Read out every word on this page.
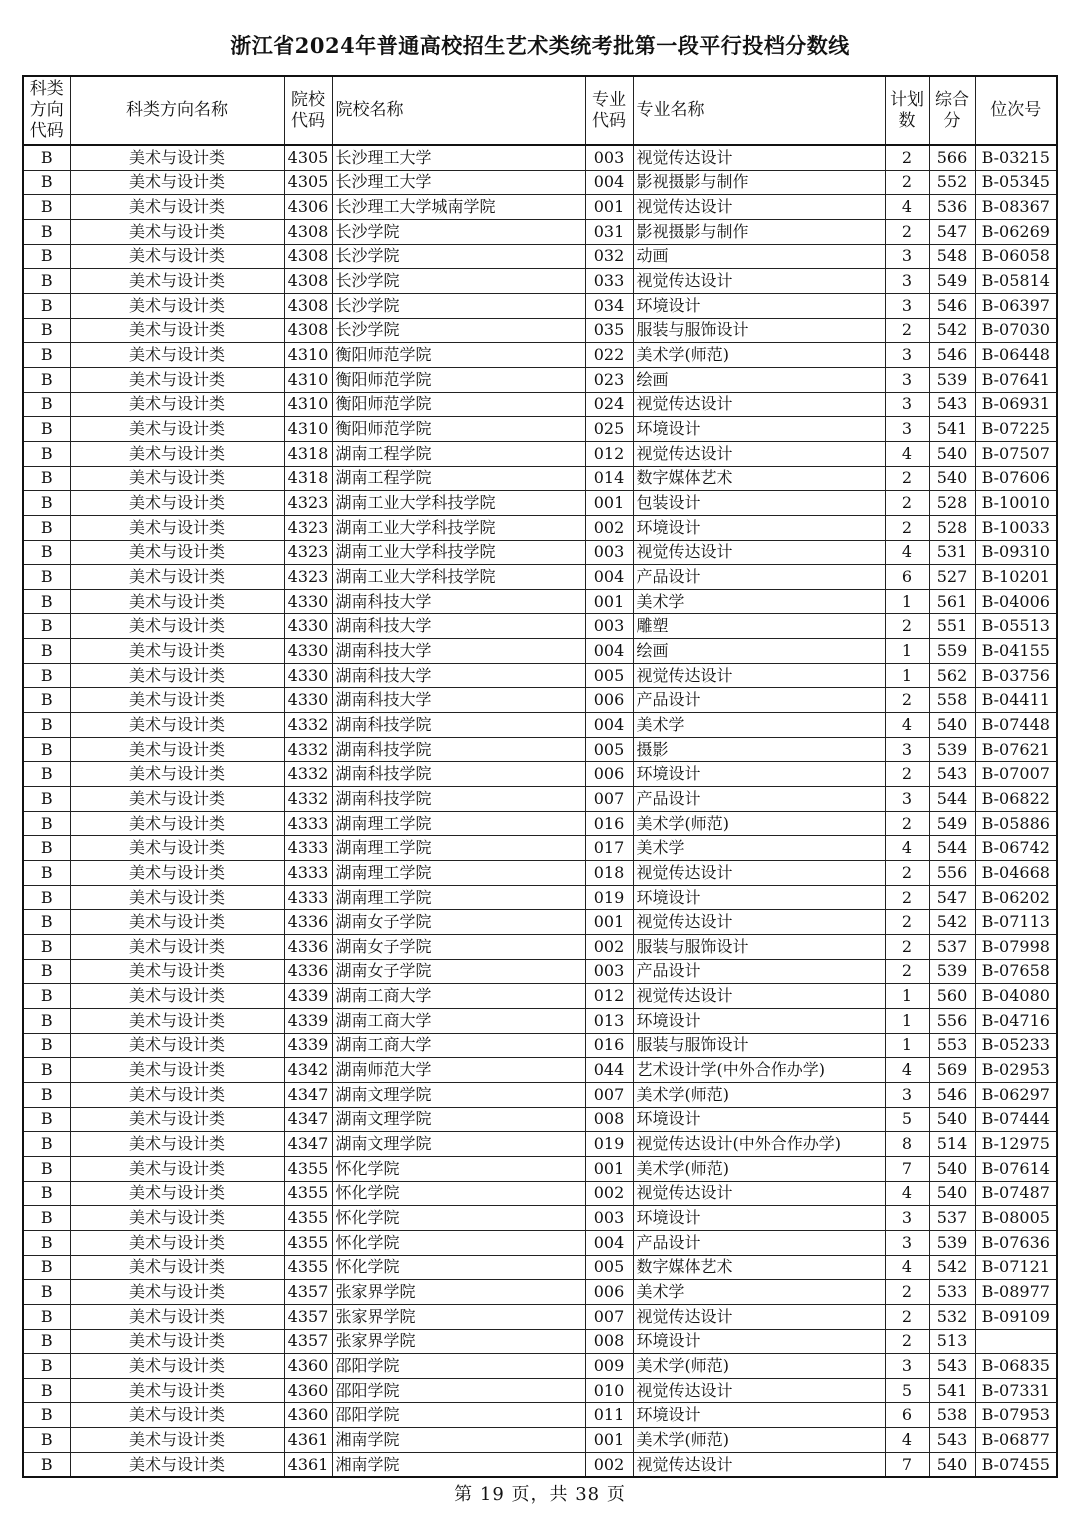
浙江省2024年普通高校招生艺术类统考批第一段平行投档分数线
科类方向代码	科类方向名称	院校代码	院校名称	专业代码	专业名称	计划数	综合分	位次号
B	美术与设计类	4305	长沙理工大学	003	视觉传达设计	2	566	B-03215
B	美术与设计类	4305	长沙理工大学	004	影视摄影与制作	2	552	B-05345
B	美术与设计类	4306	长沙理工大学城南学院	001	视觉传达设计	4	536	B-08367
B	美术与设计类	4308	长沙学院	031	影视摄影与制作	2	547	B-06269
B	美术与设计类	4308	长沙学院	032	动画	3	548	B-06058
B	美术与设计类	4308	长沙学院	033	视觉传达设计	3	549	B-05814
B	美术与设计类	4308	长沙学院	034	环境设计	3	546	B-06397
B	美术与设计类	4308	长沙学院	035	服装与服饰设计	2	542	B-07030
B	美术与设计类	4310	衡阳师范学院	022	美术学(师范)	3	546	B-06448
B	美术与设计类	4310	衡阳师范学院	023	绘画	3	539	B-07641
B	美术与设计类	4310	衡阳师范学院	024	视觉传达设计	3	543	B-06931
B	美术与设计类	4310	衡阳师范学院	025	环境设计	3	541	B-07225
B	美术与设计类	4318	湖南工程学院	012	视觉传达设计	4	540	B-07507
B	美术与设计类	4318	湖南工程学院	014	数字媒体艺术	2	540	B-07606
B	美术与设计类	4323	湖南工业大学科技学院	001	包装设计	2	528	B-10010
B	美术与设计类	4323	湖南工业大学科技学院	002	环境设计	2	528	B-10033
B	美术与设计类	4323	湖南工业大学科技学院	003	视觉传达设计	4	531	B-09310
B	美术与设计类	4323	湖南工业大学科技学院	004	产品设计	6	527	B-10201
B	美术与设计类	4330	湖南科技大学	001	美术学	1	561	B-04006
B	美术与设计类	4330	湖南科技大学	003	雕塑	2	551	B-05513
B	美术与设计类	4330	湖南科技大学	004	绘画	1	559	B-04155
B	美术与设计类	4330	湖南科技大学	005	视觉传达设计	1	562	B-03756
B	美术与设计类	4330	湖南科技大学	006	产品设计	2	558	B-04411
B	美术与设计类	4332	湖南科技学院	004	美术学	4	540	B-07448
B	美术与设计类	4332	湖南科技学院	005	摄影	3	539	B-07621
B	美术与设计类	4332	湖南科技学院	006	环境设计	2	543	B-07007
B	美术与设计类	4332	湖南科技学院	007	产品设计	3	544	B-06822
B	美术与设计类	4333	湖南理工学院	016	美术学(师范)	2	549	B-05886
B	美术与设计类	4333	湖南理工学院	017	美术学	4	544	B-06742
B	美术与设计类	4333	湖南理工学院	018	视觉传达设计	2	556	B-04668
B	美术与设计类	4333	湖南理工学院	019	环境设计	2	547	B-06202
B	美术与设计类	4336	湖南女子学院	001	视觉传达设计	2	542	B-07113
B	美术与设计类	4336	湖南女子学院	002	服装与服饰设计	2	537	B-07998
B	美术与设计类	4336	湖南女子学院	003	产品设计	2	539	B-07658
B	美术与设计类	4339	湖南工商大学	012	视觉传达设计	1	560	B-04080
B	美术与设计类	4339	湖南工商大学	013	环境设计	1	556	B-04716
B	美术与设计类	4339	湖南工商大学	016	服装与服饰设计	1	553	B-05233
B	美术与设计类	4342	湖南师范大学	044	艺术设计学(中外合作办学)	4	569	B-02953
B	美术与设计类	4347	湖南文理学院	007	美术学(师范)	3	546	B-06297
B	美术与设计类	4347	湖南文理学院	008	环境设计	5	540	B-07444
B	美术与设计类	4347	湖南文理学院	019	视觉传达设计(中外合作办学)	8	514	B-12975
B	美术与设计类	4355	怀化学院	001	美术学(师范)	7	540	B-07614
B	美术与设计类	4355	怀化学院	002	视觉传达设计	4	540	B-07487
B	美术与设计类	4355	怀化学院	003	环境设计	3	537	B-08005
B	美术与设计类	4355	怀化学院	004	产品设计	3	539	B-07636
B	美术与设计类	4355	怀化学院	005	数字媒体艺术	4	542	B-07121
B	美术与设计类	4357	张家界学院	006	美术学	2	533	B-08977
B	美术与设计类	4357	张家界学院	007	视觉传达设计	2	532	B-09109
B	美术与设计类	4357	张家界学院	008	环境设计	2	513	
B	美术与设计类	4360	邵阳学院	009	美术学(师范)	3	543	B-06835
B	美术与设计类	4360	邵阳学院	010	视觉传达设计	5	541	B-07331
B	美术与设计类	4360	邵阳学院	011	环境设计	6	538	B-07953
B	美术与设计类	4361	湘南学院	001	美术学(师范)	4	543	B-06877
B	美术与设计类	4361	湘南学院	002	视觉传达设计	7	540	B-07455
第 19 页，共 38 页
